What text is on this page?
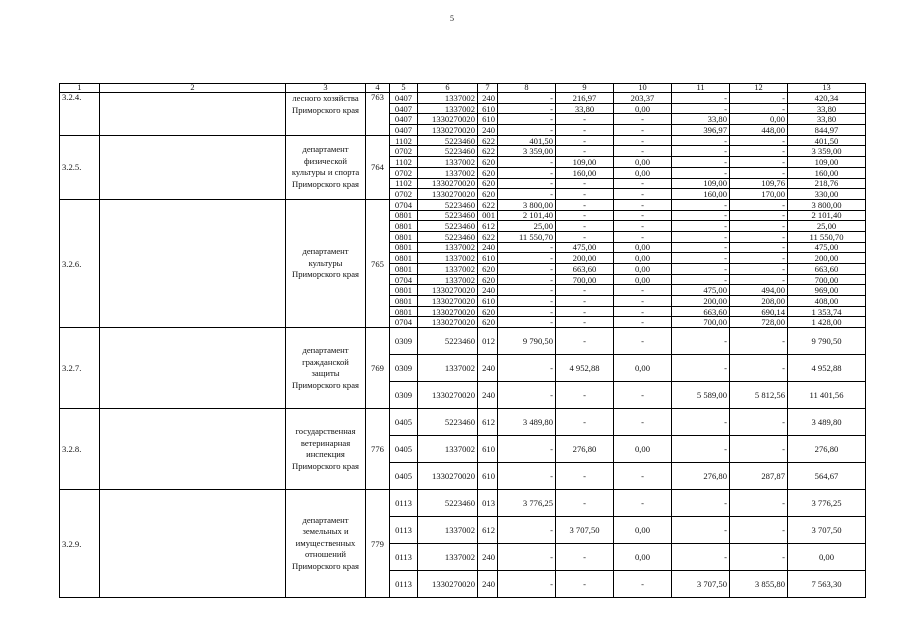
5
1	2	3	4	5	6	7	8	9	10	11	12	13
3.2.4.		лесного хозяйства Приморского края	763	0407	1337002	240	-	216,97	203,37	-	-	420,34
				0407	1337002	610	-	33,80	0,00	-	-	33,80
				0407	1330270020	610	-	-	-	33,80	0,00	33,80
				0407	1330270020	240	-	-	-	396,97	448,00	844,97
3.2.5.		департамент физической культуры и спорта Приморского края	764	1102	5223460	622	401,50	-	-	-	-	401,50
				0702	5223460	622	3 359,00	-	-	-	-	3 359,00
				1102	1337002	620	-	109,00	0,00	-	-	109,00
				0702	1337002	620	-	160,00	0,00	-	-	160,00
				1102	1330270020	620	-	-	-	109,00	109,76	218,76
				0702	1330270020	620	-	-	-	160,00	170,00	330,00
3.2.6.		департамент культуры Приморского края	765	0704	5223460	622	3 800,00	-	-	-	-	3 800,00
				0801	5223460	001	2 101,40	-	-	-	-	2 101,40
				0801	5223460	612	25,00	-	-	-	-	25,00
				0801	5223460	622	11 550,70	-	-	-	-	11 550,70
				0801	1337002	240	-	475,00	0,00	-	-	475,00
				0801	1337002	610	-	200,00	0,00	-	-	200,00
				0801	1337002	620	-	663,60	0,00	-	-	663,60
				0704	1337002	620	-	700,00	0,00	-	-	700,00
				0801	1330270020	240	-	-	-	475,00	494,00	969,00
				0801	1330270020	610	-	-	-	200,00	208,00	408,00
				0801	1330270020	620	-	-	-	663,60	690,14	1 353,74
				0704	1330270020	620	-	-	-	700,00	728,00	1 428,00
3.2.7.		департамент гражданской защиты Приморского края	769	0309	5223460	012	9 790,50	-	-	-	-	9 790,50
				0309	1337002	240	-	4 952,88	0,00	-	-	4 952,88
				0309	1330270020	240	-	-	-	5 589,00	5 812,56	11 401,56
3.2.8.		государственная ветеринарная инспекция Приморского края	776	0405	5223460	612	3 489,80	-	-	-	-	3 489,80
				0405	1337002	610	-	276,80	0,00	-	-	276,80
				0405	1330270020	610	-	-	-	276,80	287,87	564,67
3.2.9.		департамент земельных и имущественных отношений Приморского края	779	0113	5223460	013	3 776,25	-	-	-	-	3 776,25
				0113	1337002	612	-	3 707,50	0,00	-	-	3 707,50
				0113	1337002	240	-	-	0,00	-	-	0,00
				0113	1330270020	240	-	-	-	3 707,50	3 855,80	7 563,30
